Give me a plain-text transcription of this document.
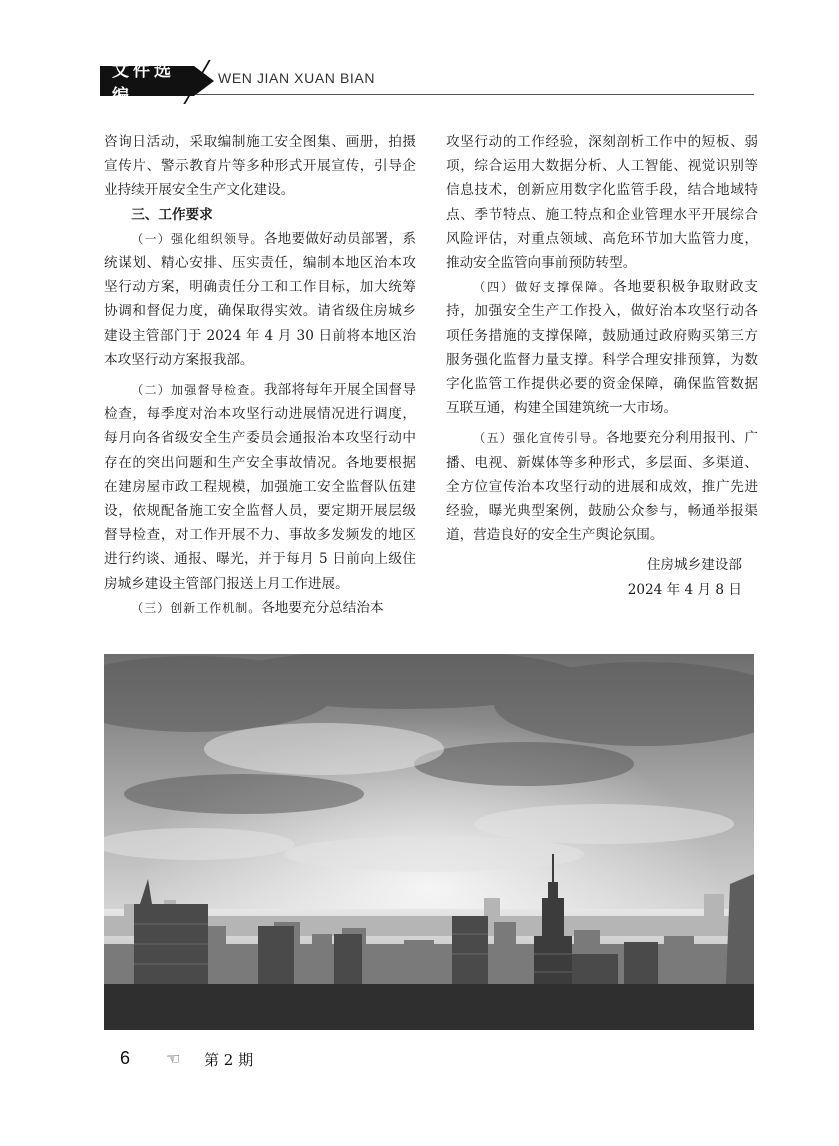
文件选编
WEN JIAN XUAN BIAN

咨询日活动，采取编制施工安全图集、画册，拍摄宣传片、警示教育片等多种形式开展宣传，引导企业持续开展安全生产文化建设。

三、工作要求

（一）强化组织领导。各地要做好动员部署，系统谋划、精心安排、压实责任，编制本地区治本攻坚行动方案，明确责任分工和工作目标，加大统筹协调和督促力度，确保取得实效。请省级住房城乡建设主管部门于 2024 年 4 月 30 日前将本地区治本攻坚行动方案报我部。

（二）加强督导检查。我部将每年开展全国督导检查，每季度对治本攻坚行动进展情况进行调度，每月向各省级安全生产委员会通报治本攻坚行动中存在的突出问题和生产安全事故情况。各地要根据在建房屋市政工程规模，加强施工安全监督队伍建设，依规配备施工安全监督人员，要定期开展层级督导检查，对工作开展不力、事故多发频发的地区进行约谈、通报、曝光，并于每月 5 日前向上级住房城乡建设主管部门报送上月工作进展。

（三）创新工作机制。各地要充分总结治本

攻坚行动的工作经验，深刻剖析工作中的短板、弱项，综合运用大数据分析、人工智能、视觉识别等信息技术，创新应用数字化监管手段，结合地域特点、季节特点、施工特点和企业管理水平开展综合风险评估，对重点领域、高危环节加大监管力度，推动安全监管向事前预防转型。

（四）做好支撑保障。各地要积极争取财政支持，加强安全生产工作投入，做好治本攻坚行动各项任务措施的支撑保障，鼓励通过政府购买第三方服务强化监督力量支撑。科学合理安排预算，为数字化监管工作提供必要的资金保障，确保监管数据互联互通，构建全国建筑统一大市场。

（五）强化宣传引导。各地要充分利用报刊、广播、电视、新媒体等多种形式，多层面、多渠道、全方位宣传治本攻坚行动的进展和成效，推广先进经验，曝光典型案例，鼓励公众参与，畅通举报渠道，营造良好的安全生产舆论氛围。

住房城乡建设部

2024 年 4 月 8 日

6 ☜ 第 2 期
